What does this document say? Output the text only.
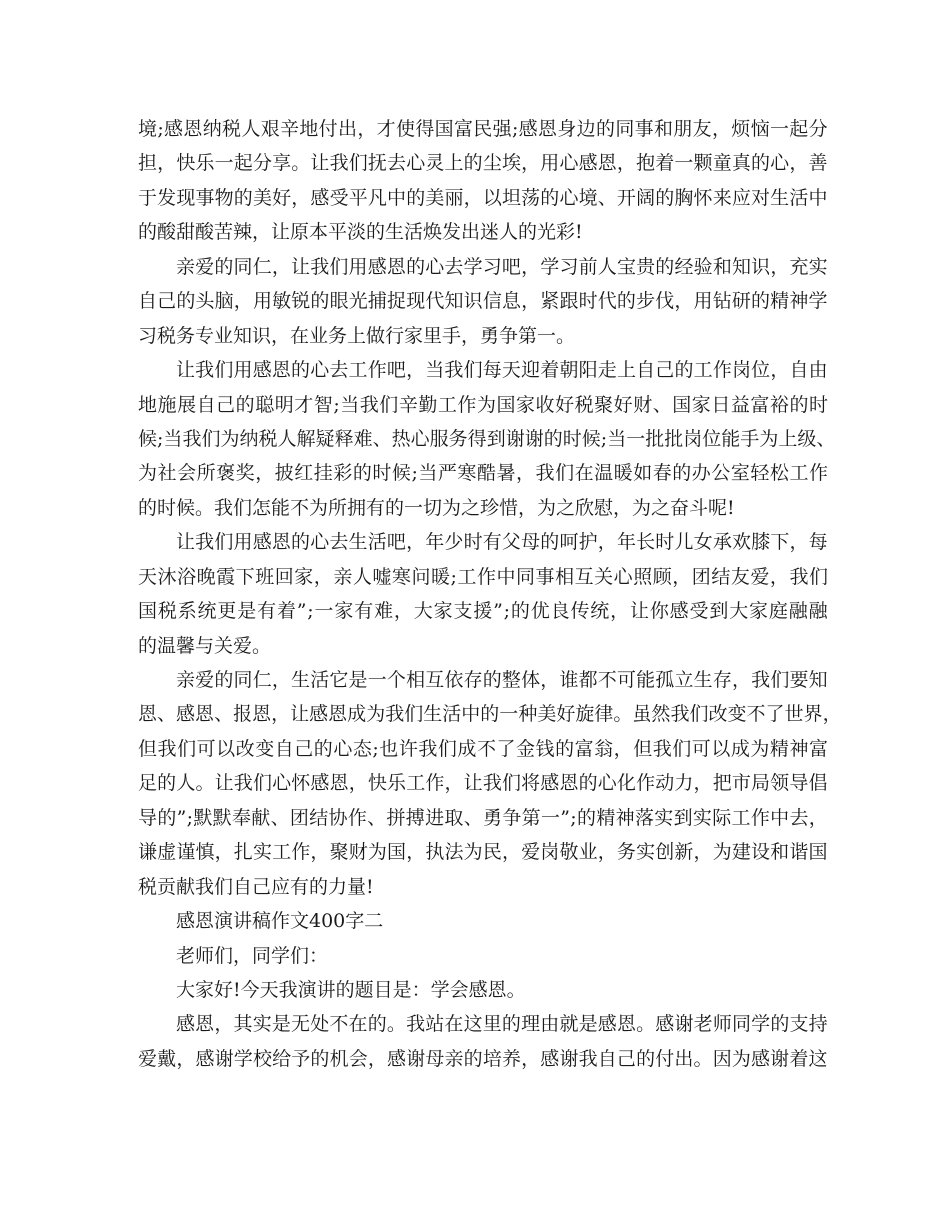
境 ; 感 恩 纳 税 人 艰 辛 地 付 出 ， 才 使 得 国 富 民 强 ; 感 恩 身 边 的 同 事 和 朋 友 ， 烦 恼 一 起 分
担 ， 快 乐 一 起 分 享 。 让 我 们 抚 去 心 灵 上 的 尘 埃 ， 用 心 感 恩 ， 抱 着 一 颗 童 真 的 心 ， 善
于 发 现 事 物 的 美 好 ， 感 受 平 凡 中 的 美 丽 ， 以 坦 荡 的 心 境 、 开 阔 的 胸 怀 来 应 对 生 活 中
的酸甜酸苦辣，让原本平淡的生活焕发出迷人的光彩!
亲 爱 的 同 仁 ， 让 我 们 用 感 恩 的 心 去 学 习 吧 ， 学 习 前 人 宝 贵 的 经 验 和 知 识 ， 充 实
自 己 的 头 脑 ， 用 敏 锐 的 眼 光 捕 捉 现 代 知 识 信 息 ， 紧 跟 时 代 的 步 伐 ， 用 钻 研 的 精 神 学
习税务专业知识，在业务上做行家里手，勇争第一。
让 我 们 用 感 恩 的 心 去 工 作 吧 ， 当 我 们 每 天 迎 着 朝 阳 走 上 自 己 的 工 作 岗 位 ， 自 由
地 施 展 自 己 的 聪 明 才 智 ; 当 我 们 辛 勤 工 作 为 国 家 收 好 税 聚 好 财 、 国 家 日 益 富 裕 的 时
候 ; 当 我 们 为 纳 税 人 解 疑 释 难 、 热 心 服 务 得 到 谢 谢 的 时 候 ; 当 一 批 批 岗 位 能 手 为 上 级 、
为 社 会 所 褒 奖 ， 披 红 挂 彩 的 时 候 ; 当 严 寒 酷 暑 ， 我 们 在 温 暖 如 春 的 办 公 室 轻 松 工 作
的时候。我们怎能不为所拥有的一切为之珍惜，为之欣慰，为之奋斗呢!
让 我 们 用 感 恩 的 心 去 生 活 吧 ， 年 少 时 有 父 母 的 呵 护 ， 年 长 时 儿 女 承 欢 膝 下 ， 每
天 沐 浴 晚 霞 下 班 回 家 ， 亲 人 嘘 寒 问 暖 ; 工 作 中 同 事 相 互 关 心 照 顾 ， 团 结 友 爱 ， 我 们
国 税 系 统 更 是 有 着 ” ; 一 家 有 难 ， 大 家 支 援 ” ; 的 优 良 传 统 ， 让 你 感 受 到 大 家 庭 融 融
的温馨与关爱。
亲 爱 的 同 仁 ， 生 活 它 是 一 个 相 互 依 存 的 整 体 ， 谁 都 不 可 能 孤 立 生 存 ， 我 们 要 知
恩 、 感 恩 、 报 恩 ， 让 感 恩 成 为 我 们 生 活 中 的 一 种 美 好 旋 律 。 虽 然 我 们 改 变 不 了 世 界 ，
但 我 们 可 以 改 变 自 己 的 心 态 ; 也 许 我 们 成 不 了 金 钱 的 富 翁 ， 但 我 们 可 以 成 为 精 神 富
足 的 人 。 让 我 们 心 怀 感 恩 ， 快 乐 工 作 ， 让 我 们 将 感 恩 的 心 化 作 动 力 ， 把 市 局 领 导 倡
导 的 ” ; 默 默 奉 献 、 团 结 协 作 、 拼 搏 进 取 、 勇 争 第 一 ” ; 的 精 神 落 实 到 实 际 工 作 中 去 ，
谦 虚 谨 慎 ， 扎 实 工 作 ， 聚 财 为 国 ， 执 法 为 民 ， 爱 岗 敬 业 ， 务 实 创 新 ， 为 建 设 和 谐 国
税贡献我们自己应有的力量!
感恩演讲稿作文400字二
老师们，同学们：
大家好!今天我演讲的题目是：学会感恩。
感 恩 ， 其 实 是 无 处 不 在 的 。 我 站 在 这 里 的 理 由 就 是 感 恩 。 感 谢 老 师 同 学 的 支 持
爱 戴 ， 感 谢 学 校 给 予 的 机 会 ， 感 谢 母 亲 的 培 养 ， 感 谢 我 自 己 的 付 出 。 因 为 感 谢 着 这
